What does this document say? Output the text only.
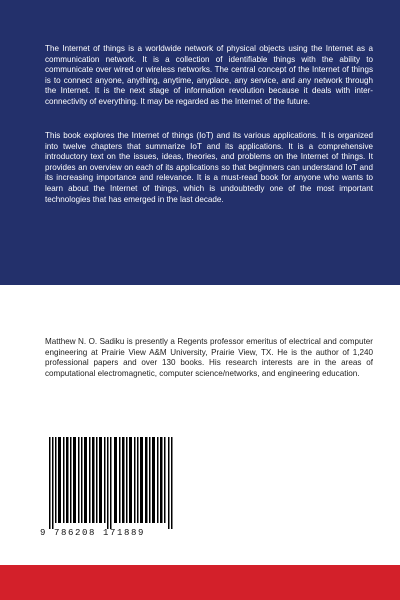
The Internet of things is a worldwide network of physical objects using the Internet as a communication network. It is a collection of identifiable things with the ability to communicate over wired or wireless networks. The central concept of the Internet of things is to connect anyone, anything, anytime, anyplace, any service, and any network through the Internet. It is the next stage of information revolution because it deals with inter-connectivity of everything. It may be regarded as the Internet of the future.

This book explores the Internet of things (IoT) and its various applications. It is organized into twelve chapters that summarize IoT and its applications. It is a comprehensive introductory text on the issues, ideas, theories, and problems on the Internet of things. It provides an overview on each of its applications so that beginners can understand IoT and its increasing importance and relevance. It is a must-read book for anyone who wants to learn about the Internet of things, which is undoubtedly one of the most important technologies that has emerged in the last decade.

Matthew N. O. Sadiku is presently a Regents professor emeritus of electrical and computer engineering at Prairie View A&M University, Prairie View, TX. He is the author of 1,240 professional papers and over 130 books. His research interests are in the areas of computational electromagnetic, computer science/networks, and engineering education.

9 786208 171889
